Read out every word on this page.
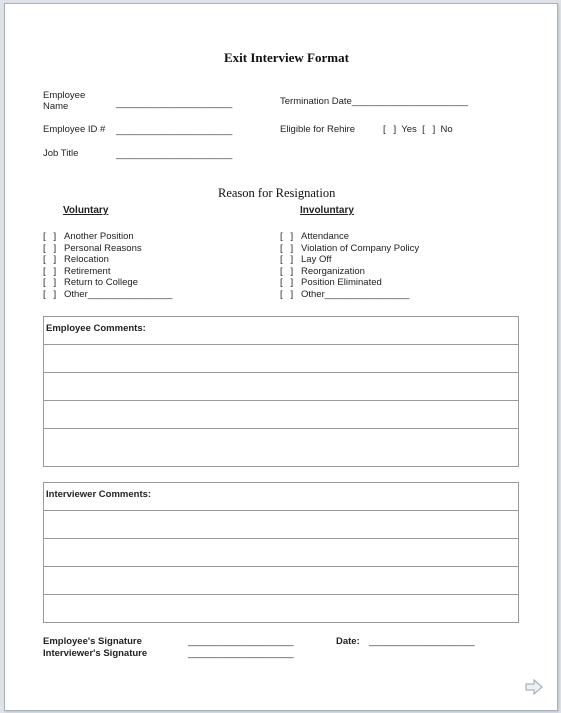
Exit Interview Format
Employee
Name	______________________
Employee ID # ______________________
Job Title	______________________
Termination Date______________________
Eligible for Rehire	[   ]  Yes  [   ]  No
Reason for Resignation
Voluntary	Involuntary
[   ] Another Position
[   ] Personal Reasons
[   ] Relocation
[   ] Retirement
[   ] Return to College
[   ] Other________________
[   ] Attendance
[   ] Violation of Company Policy
[   ] Lay Off
[   ] Reorganization
[   ] Position Eliminated
[   ] Other________________
Employee Comments:
Interviewer Comments:
Employee's Signature	____________________	Date: ____________________
Interviewer's Signature	____________________
